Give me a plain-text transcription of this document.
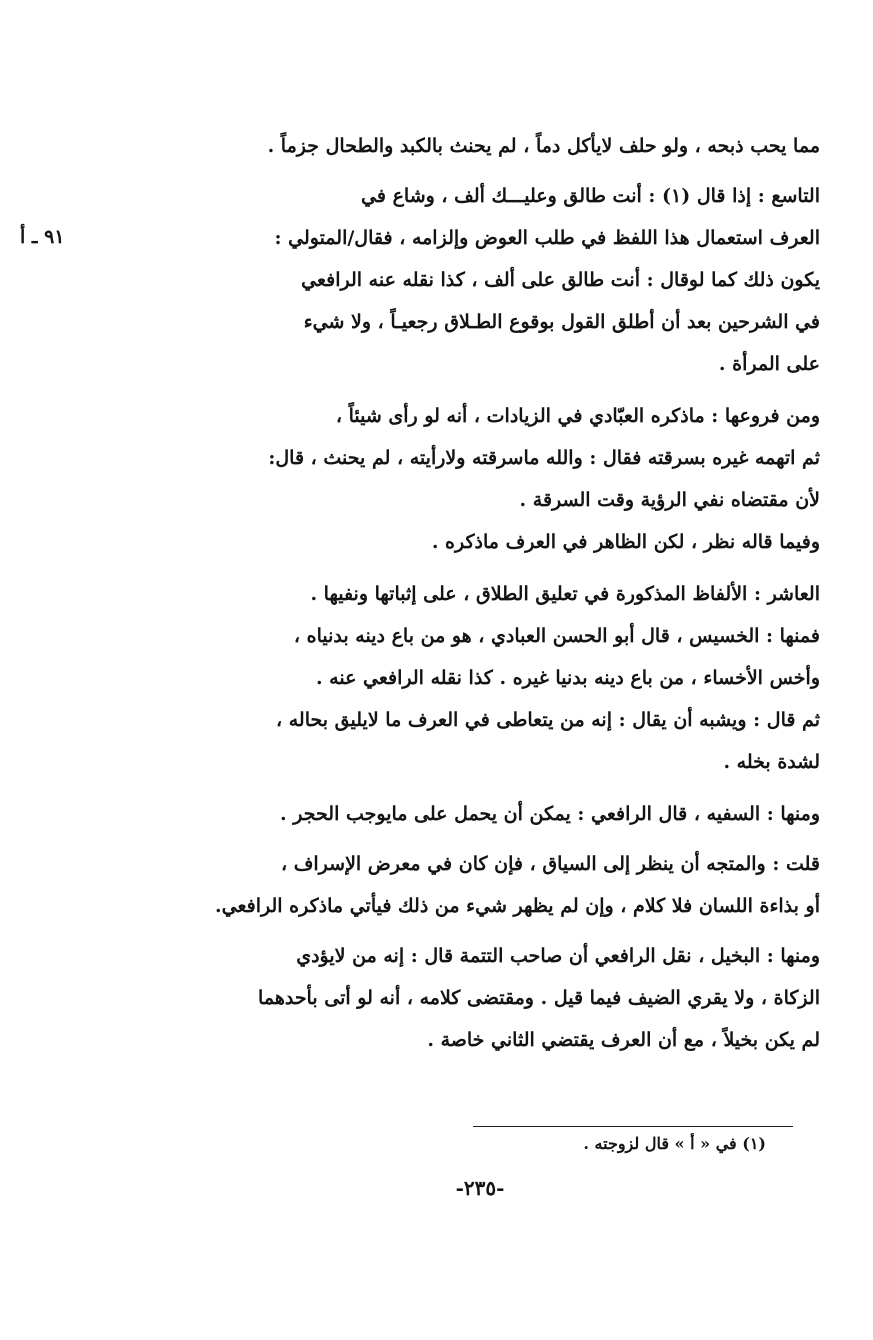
٩١ ـ أ
مما يحب ذبحه ، ولو حلف لايأكل دماً ، لم يحنث بالكبد والطحال جزماً .
التاسع : إذا قال (١) : أنت طالق وعليـــك ألف ، وشاع في
العرف استعمال هذا اللفظ في طلب العوض وإلزامه ، فقال/المتولي :
يكون ذلك كما لوقال : أنت طالق على ألف ، كذا نقله عنه الرافعي
في الشرحين بعد أن أطلق القول بوقوع الطـلاق رجعيـاً ، ولا شيء
على المرأة .
ومن فروعها : ماذكره العبّادي في الزيادات ، أنه لو رأى شيئاً ،
ثم اتهمه غيره بسرقته فقال : والله ماسرقته ولارأيته ، لم يحنث ، قال:
لأن مقتضاه نفي الرؤية وقت السرقة .
وفيما قاله نظر ، لكن الظاهر في العرف ماذكره .
العاشر : الألفاظ المذكورة في تعليق الطلاق ، على إثباتها ونفيها .
فمنها : الخسيس ، قال أبو الحسن العبادي ، هو من باع دينه بدنياه ،
وأخس الأخساء ، من باع دينه بدنيا غيره . كذا نقله الرافعي عنه .
ثم قال : ويشبه أن يقال : إنه من يتعاطى في العرف ما لايليق بحاله ،
لشدة بخله .
ومنها : السفيه ، قال الرافعي : يمكن أن يحمل على مايوجب الحجر .
قلت : والمتجه أن ينظر إلى السياق ، فإن كان في معرض الإسراف ،
أو بذاءة اللسان فلا كلام ، وإن لم يظهر شيء من ذلك فيأتي ماذكره الرافعي.
ومنها : البخيل ، نقل الرافعي أن صاحب التتمة قال : إنه من لايؤدي
الزكاة ، ولا يقري الضيف فيما قيل . ومقتضى كلامه ، أنه لو أتى بأحدهما
لم يكن بخيلاً ، مع أن العرف يقتضي الثاني خاصة .
(١) في « أ » قال لزوجته .
-٢٣٥-
